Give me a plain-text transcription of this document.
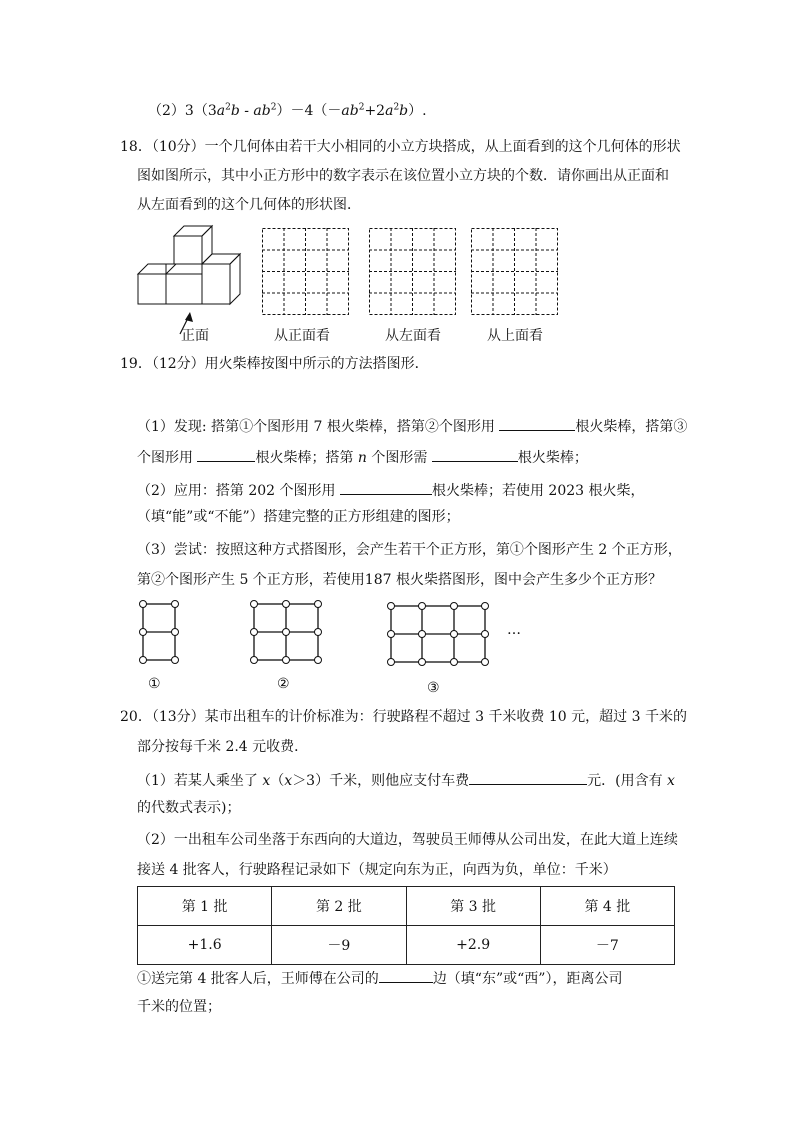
$(2)3(3a^2b - ab^2)-4(-ab^2+2a^2b)$.
18．（10分）一个几何体由若干大小相同的小立方块搭成，从上面看到的这个几何体的形状
图如图所示，其中小正方形中的数字表示在该位置小立方块的个数．请你画出从正面和
从左面看到的这个几何体的形状图．
正面	从正面看	从左面看	从上面看
19．（12分）用火柴棒按图中所示的方法搭图形．
（1）发现: 搭第①个图形用 7 根火柴棒，搭第②个图形用	根火柴棒，搭第③
个图形用	根火柴棒；搭第 n 个图形需	根火柴棒；
（2）应用：搭第 202 个图形用	根火柴棒；若使用 2023 根火柴，
（填“能”或“不能”）搭建完整的正方形组建的图形；
（3）尝试：按照这种方式搭图形，会产生若干个正方形，第①个图形产生 2 个正方形，
第②个图形产生 5 个正方形，若使用187 根火柴搭图形，图中会产生多少个正方形？
…
①	②	③
20．（13分）某市出租车的计价标准为：行驶路程不超过 3 千米收费 10 元，超过 3 千米的
部分按每千米 2.4 元收费．
（1）若某人乘坐了 x（x＞3）千米，则他应支付车费	元．(用含有 x
的代数式表示)；
（2）一出租车公司坐落于东西向的大道边，驾驶员王师傅从公司出发，在此大道上连续
接送 4 批客人，行驶路程记录如下（规定向东为正，向西为负，单位：千米）
第 1 批	第 2 批	第 3 批	第 4 批
+1.6	－9	+2.9	－7
①送完第 4 批客人后，王师傅在公司的	边（填“东”或“西”），距离公司
千米的位置；
